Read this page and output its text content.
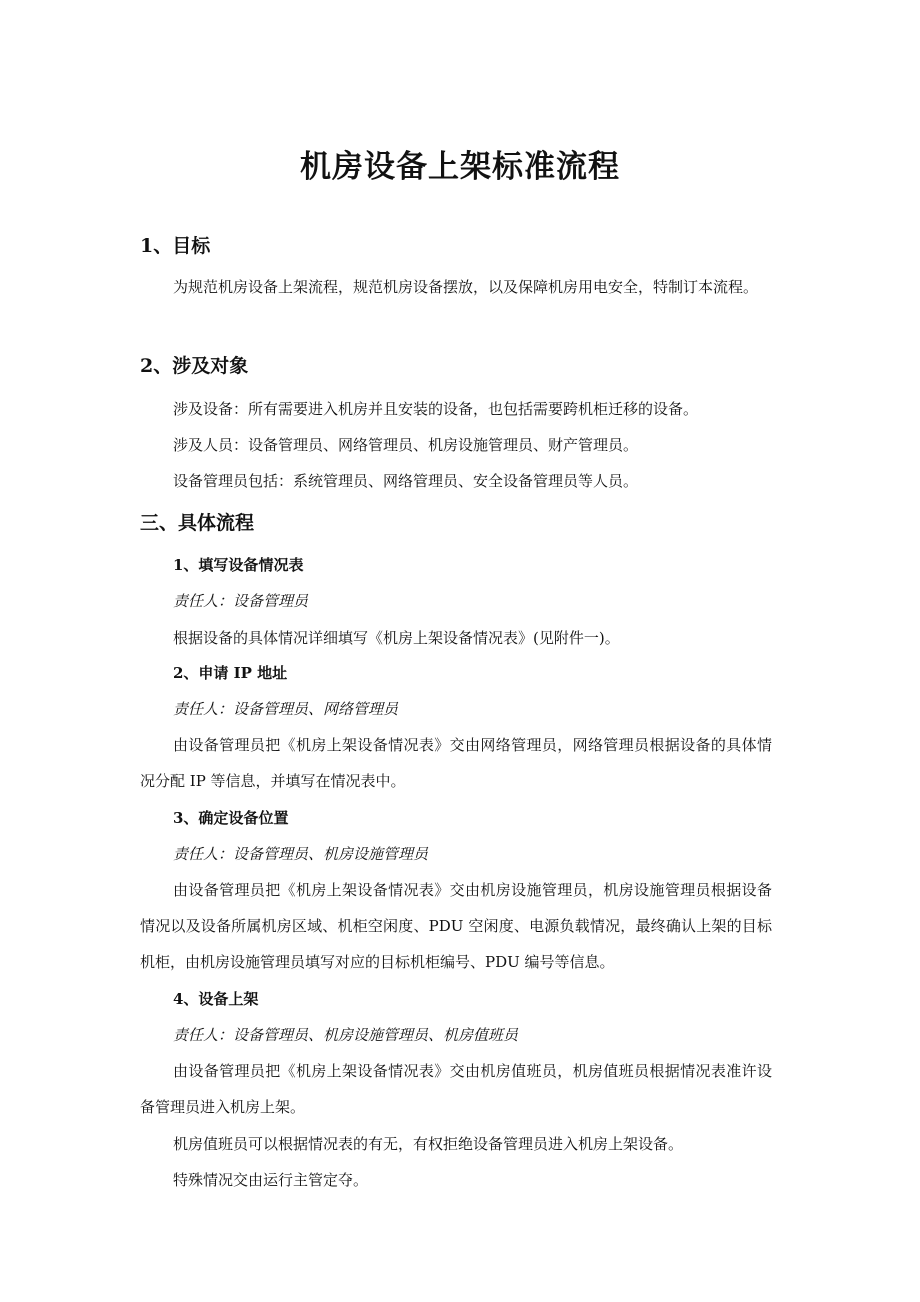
机房设备上架标准流程
1、目标

为规范机房设备上架流程，规范机房设备摆放，以及保障机房用电安全，特制订本流程。

2、涉及对象

涉及设备：所有需要进入机房并且安装的设备，也包括需要跨机柜迁移的设备。

涉及人员：设备管理员、网络管理员、机房设施管理员、财产管理员。

设备管理员包括：系统管理员、网络管理员、安全设备管理员等人员。

三、具体流程
1、填写设备情况表
责任人：设备管理员

根据设备的具体情况详细填写《机房上架设备情况表》(见附件一)。

2、申请 IP 地址
责任人：设备管理员、网络管理员

由设备管理员把《机房上架设备情况表》交由网络管理员，网络管理员根据设备的具体情况分配 IP 等信息，并填写在情况表中。

3、确定设备位置
责任人：设备管理员、机房设施管理员

由设备管理员把《机房上架设备情况表》交由机房设施管理员，机房设施管理员根据设备情况以及设备所属机房区域、机柜空闲度、PDU 空闲度、电源负载情况，最终确认上架的目标机柜，由机房设施管理员填写对应的目标机柜编号、PDU 编号等信息。

4、设备上架
责任人：设备管理员、机房设施管理员、机房值班员

由设备管理员把《机房上架设备情况表》交由机房值班员，机房值班员根据情况表准许设备管理员进入机房上架。

机房值班员可以根据情况表的有无，有权拒绝设备管理员进入机房上架设备。

特殊情况交由运行主管定夺。
